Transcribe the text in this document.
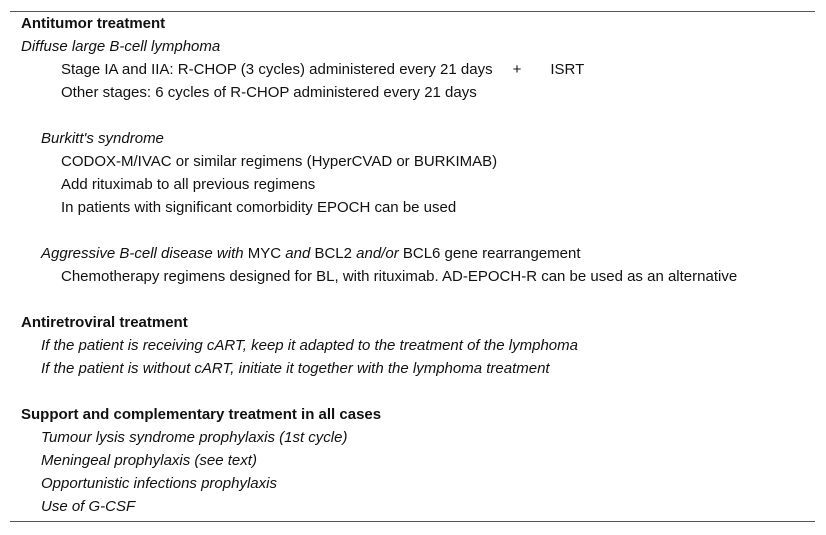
Antitumor treatment
Diffuse large B-cell lymphoma
Stage IA and IIA: R-CHOP (3 cycles) administered every 21 days + ISRT
Other stages: 6 cycles of R-CHOP administered every 21 days
Burkitt's syndrome
CODOX-M/IVAC or similar regimens (HyperCVAD or BURKIMAB)
Add rituximab to all previous regimens
In patients with significant comorbidity EPOCH can be used
Aggressive B-cell disease with MYC and BCL2 and/or BCL6 gene rearrangement
Chemotherapy regimens designed for BL, with rituximab. AD-EPOCH-R can be used as an alternative
Antiretroviral treatment
If the patient is receiving cART, keep it adapted to the treatment of the lymphoma
If the patient is without cART, initiate it together with the lymphoma treatment
Support and complementary treatment in all cases
Tumour lysis syndrome prophylaxis (1st cycle)
Meningeal prophylaxis (see text)
Opportunistic infections prophylaxis
Use of G-CSF
